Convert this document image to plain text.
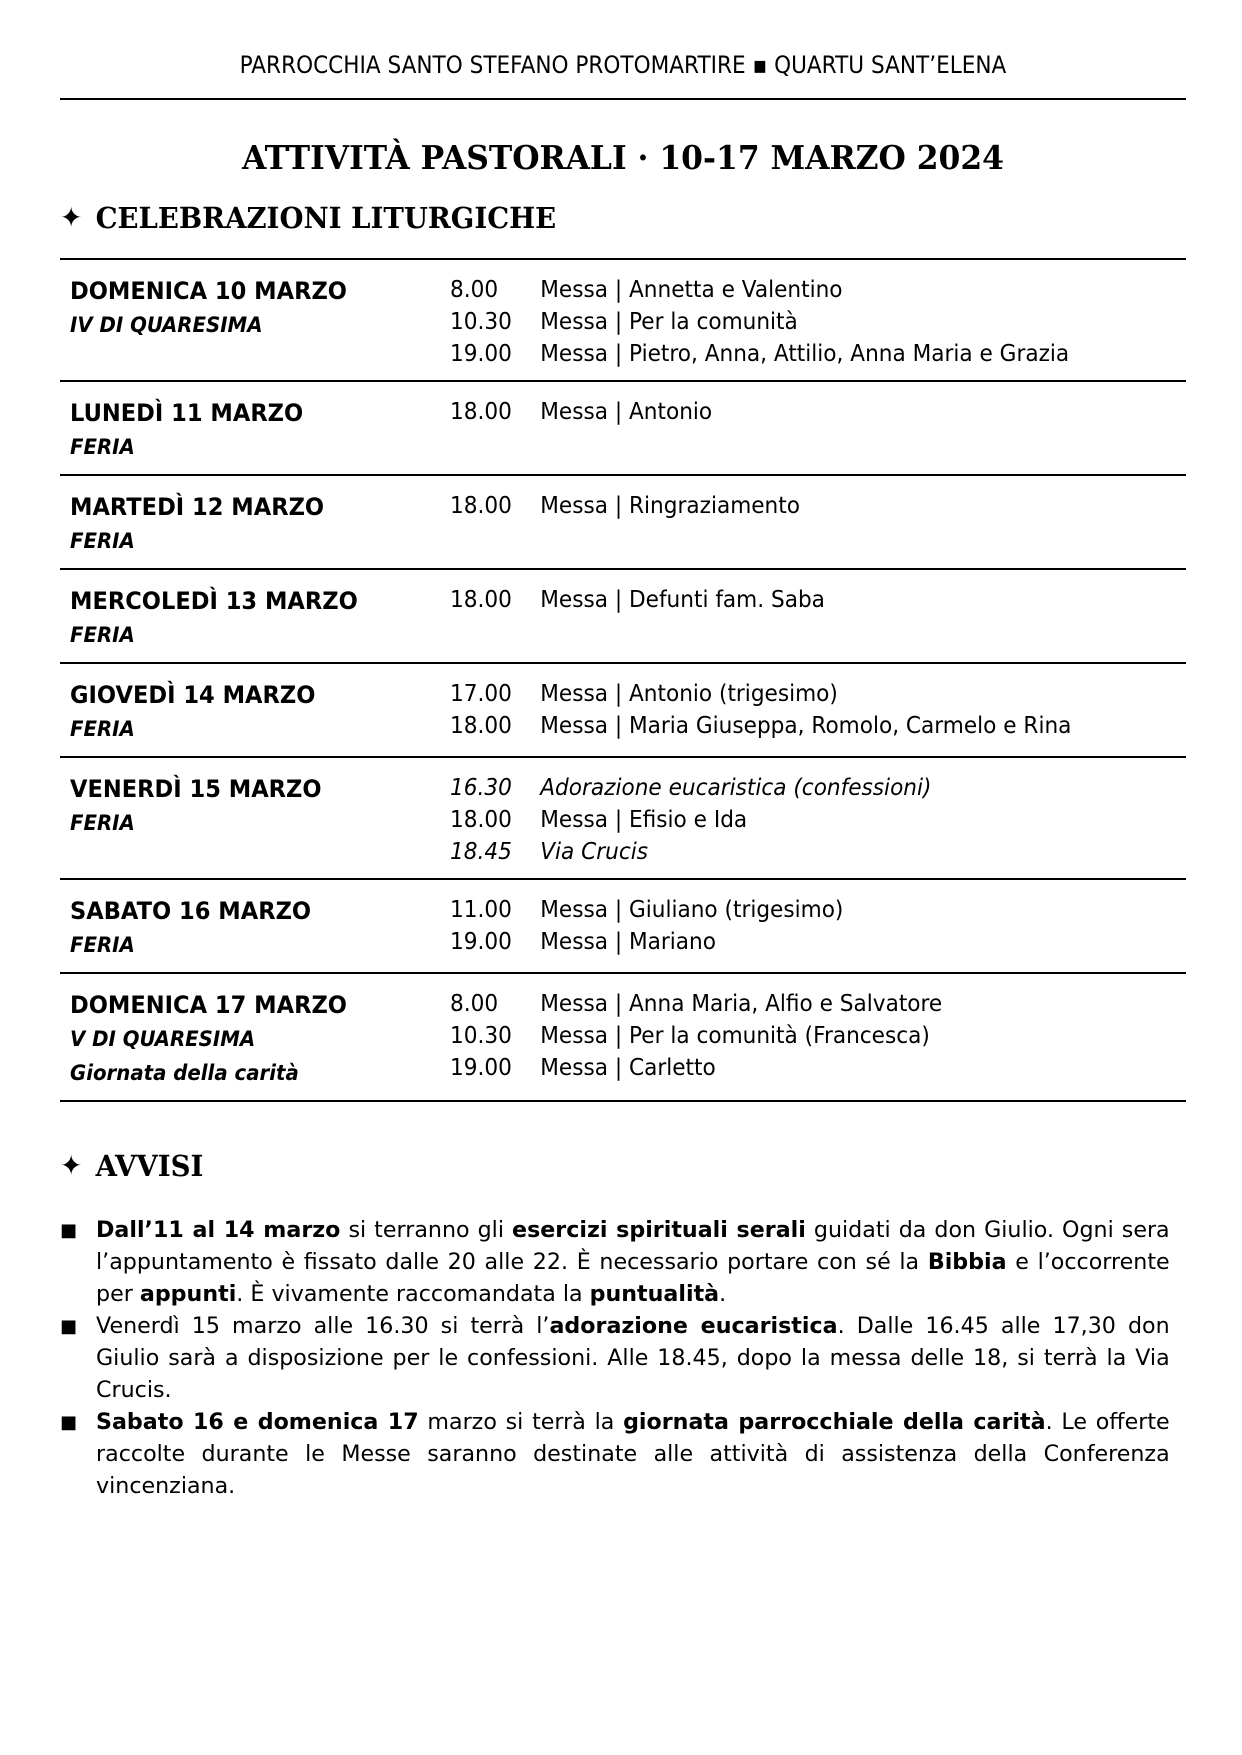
PARROCCHIA SANTO STEFANO PROTOMARTIRE ▪ QUARTU SANT’ELENA
ATTIVITÀ PASTORALI · 10-17 MARZO 2024
✦ CELEBRAZIONI LITURGICHE
DOMENICA 10 MARZO
IV DI QUARESIMA
8.00	Messa | Annetta e Valentino
10.30	Messa | Per la comunità
19.00	Messa | Pietro, Anna, Attilio, Anna Maria e Grazia
LUNEDÌ 11 MARZO
FERIA
18.00	Messa | Antonio
MARTEDÌ 12 MARZO
FERIA
18.00	Messa | Ringraziamento
MERCOLEDÌ 13 MARZO
FERIA
18.00	Messa | Defunti fam. Saba
GIOVEDÌ 14 MARZO
FERIA
17.00	Messa | Antonio (trigesimo)
18.00	Messa | Maria Giuseppa, Romolo, Carmelo e Rina
VENERDÌ 15 MARZO
FERIA
16.30	Adorazione eucaristica (confessioni)
18.00	Messa | Efisio e Ida
18.45	Via Crucis
SABATO 16 MARZO
FERIA
11.00	Messa | Giuliano (trigesimo)
19.00	Messa | Mariano
DOMENICA 17 MARZO
V DI QUARESIMA
Giornata della carità
8.00	Messa | Anna Maria, Alfio e Salvatore
10.30	Messa | Per la comunità (Francesca)
19.00	Messa | Carletto
✦ AVVISI
■ Dall’11 al 14 marzo si terranno gli esercizi spirituali serali guidati da don Giulio. Ogni sera l’appuntamento è fissato dalle 20 alle 22. È necessario portare con sé la Bibbia e l’occorrente per appunti. È vivamente raccomandata la puntualità.
■ Venerdì 15 marzo alle 16.30 si terrà l’adorazione eucaristica. Dalle 16.45 alle 17,30 don Giulio sarà a disposizione per le confessioni. Alle 18.45, dopo la messa delle 18, si terrà la Via Crucis.
■ Sabato 16 e domenica 17 marzo si terrà la giornata parrocchiale della carità. Le offerte raccolte durante le Messe saranno destinate alle attività di assistenza della Conferenza vincenziana.
